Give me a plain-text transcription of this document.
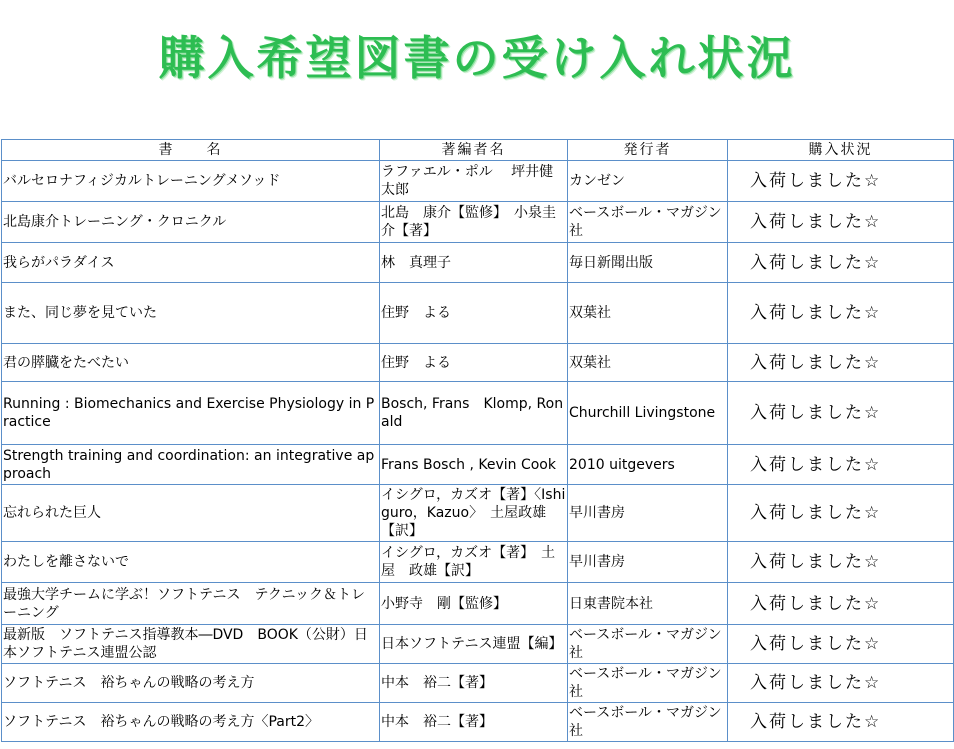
購入希望図書の受け入れ状況
書　　名	著編者名	発行者	購入状況
バルセロナフィジカルトレーニングメソッド	ラファエル・ポル　 坪井健太郎	カンゼン	入荷しました☆
北島康介トレーニング・クロニクル	北島　康介【監修】　小泉圭介【著】	ベースボール・マガジン社	入荷しました☆
我らがパラダイス	林　真理子	毎日新聞出版	入荷しました☆
また、同じ夢を見ていた	住野　よる	双葉社	入荷しました☆
君の膵臓をたべたい	住野　よる	双葉社	入荷しました☆
Running : Biomechanics and Exercise Physiology in Practice	Bosch, Frans　Klomp, Ronald	Churchill Livingstone	入荷しました☆
Strength training and coordination: an integrative approach	Frans Bosch , Kevin Cook	2010 uitgevers	入荷しました☆
忘れられた巨人	イシグロ，カズオ【著】〈Ishiguro，Kazuo〉　土屋政雄【訳】	早川書房	入荷しました☆
わたしを離さないで	イシグロ，カズオ【著】　土屋　政雄【訳】	早川書房	入荷しました☆
最強大学チームに学ぶ！ソフトテニス　テクニック＆トレーニング	小野寺　剛【監修】	日東書院本社	入荷しました☆
最新版　ソフトテニス指導教本―DVD　BOOK（公財）日本ソフトテニス連盟公認	日本ソフトテニス連盟【編】	ベースボール・マガジン社	入荷しました☆
ソフトテニス　裕ちゃんの戦略の考え方	中本　裕二【著】	ベースボール・マガジン社	入荷しました☆
ソフトテニス　裕ちゃんの戦略の考え方〈Part2〉	中本　裕二【著】	ベースボール・マガジン社	入荷しました☆
